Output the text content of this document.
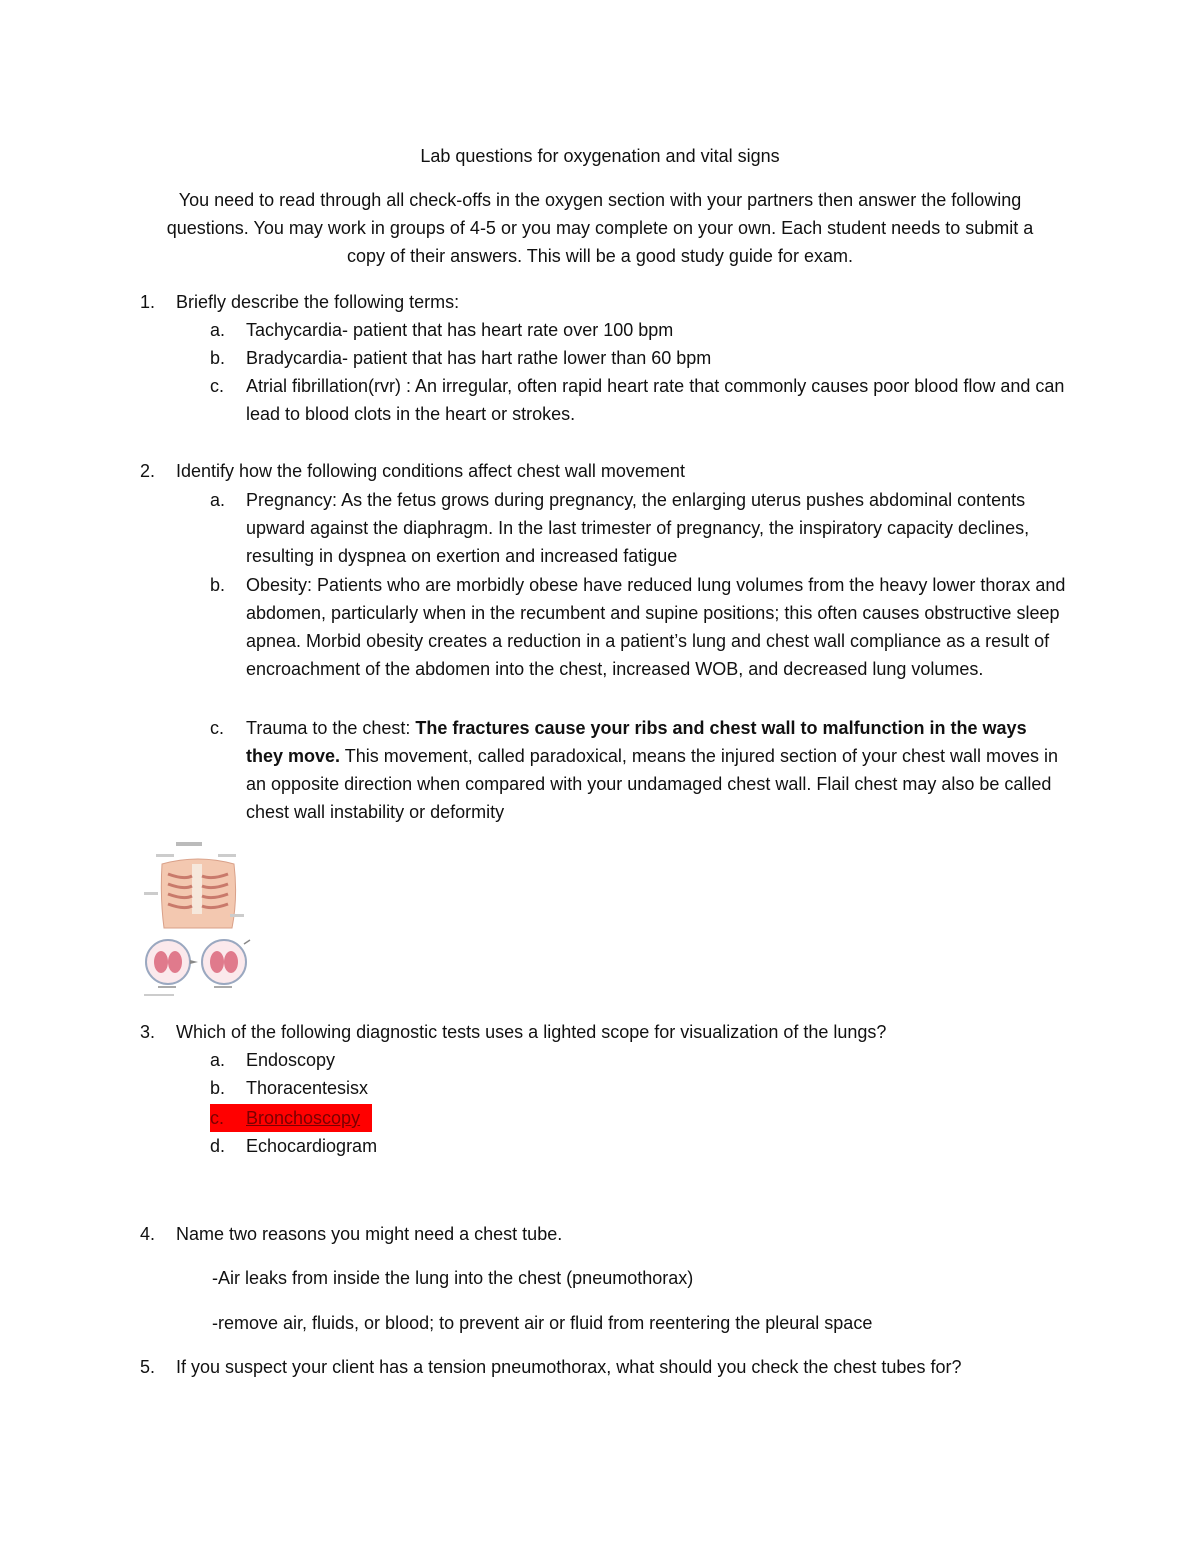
Lab questions for oxygenation and vital signs
You need to read through all check-offs in the oxygen section with your partners then answer the following questions. You may work in groups of 4-5 or you may complete on your own. Each student needs to submit a copy of their answers. This will be a good study guide for exam.
1.	Briefly describe the following terms:
a.	Tachycardia- patient that has heart rate over 100 bpm
b.	Bradycardia- patient that has hart rathe lower than 60 bpm
c.	Atrial fibrillation(rvr) : An irregular, often rapid heart rate that commonly causes poor blood flow and can lead to blood clots in the heart or strokes.
2.	Identify how the following conditions affect chest wall movement
a.	Pregnancy: As the fetus grows during pregnancy, the enlarging uterus pushes abdominal contents upward against the diaphragm. In the last trimester of pregnancy, the inspiratory capacity declines, resulting in dyspnea on exertion and increased fatigue
b.	Obesity: Patients who are morbidly obese have reduced lung volumes from the heavy lower thorax and abdomen, particularly when in the recumbent and supine positions; this often causes obstructive sleep apnea. Morbid obesity creates a reduction in a patient’s lung and chest wall compliance as a result of encroachment of the abdomen into the chest, increased WOB, and decreased lung volumes.
c.	Trauma to the chest: The fractures cause your ribs and chest wall to malfunction in the ways they move. This movement, called paradoxical, means the injured section of your chest wall moves in an opposite direction when compared with your undamaged chest wall. Flail chest may also be called chest wall instability or deformity
3.	Which of the following diagnostic tests uses a lighted scope for visualization of the lungs?
a.	Endoscopy
b.	Thoracentesisx
c. Bronchoscopy
d.	Echocardiogram
4.	Name two reasons you might need a chest tube.
-Air leaks from inside the lung into the chest (pneumothorax)
-remove air, fluids, or blood; to prevent air or fluid from reentering the pleural space
5.	If you suspect your client has a tension pneumothorax, what should you check the chest tubes for?
